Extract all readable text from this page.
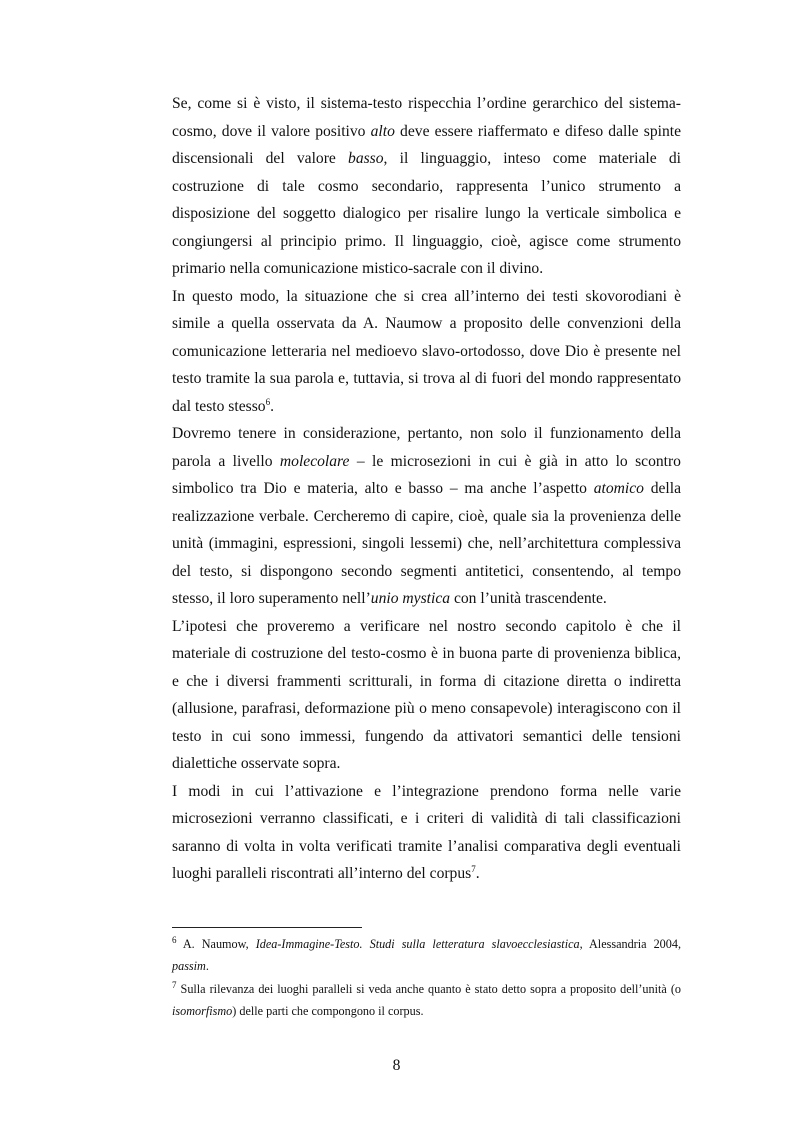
Se, come si è visto, il sistema-testo rispecchia l’ordine gerarchico del sistema-cosmo, dove il valore positivo alto deve essere riaffermato e difeso dalle spinte discensionali del valore basso, il linguaggio, inteso come materiale di costruzione di tale cosmo secondario, rappresenta l’unico strumento a disposizione del soggetto dialogico per risalire lungo la verticale simbolica e congiungersi al principio primo. Il linguaggio, cioè, agisce come strumento primario nella comunicazione mistico-sacrale con il divino.

In questo modo, la situazione che si crea all’interno dei testi skovorodiani è simile a quella osservata da A. Naumow a proposito delle convenzioni della comunicazione letteraria nel medioevo slavo-ortodosso, dove Dio è presente nel testo tramite la sua parola e, tuttavia, si trova al di fuori del mondo rappresentato dal testo stesso$^6$.

Dovremo tenere in considerazione, pertanto, non solo il funzionamento della parola a livello molecolare – le microsezioni in cui è già in atto lo scontro simbolico tra Dio e materia, alto e basso – ma anche l’aspetto atomico della realizzazione verbale. Cercheremo di capire, cioè, quale sia la provenienza delle unità (immagini, espressioni, singoli lessemi) che, nell’architettura complessiva del testo, si dispongono secondo segmenti antitetici, consentendo, al tempo stesso, il loro superamento nell’unio mystica con l’unità trascendente.

L’ipotesi che proveremo a verificare nel nostro secondo capitolo è che il materiale di costruzione del testo-cosmo è in buona parte di provenienza biblica, e che i diversi frammenti scritturali, in forma di citazione diretta o indiretta (allusione, parafrasi, deformazione più o meno consapevole) interagiscono con il testo in cui sono immessi, fungendo da attivatori semantici delle tensioni dialettiche osservate sopra.

I modi in cui l’attivazione e l’integrazione prendono forma nelle varie microsezioni verranno classificati, e i criteri di validità di tali classificazioni saranno di volta in volta verificati tramite l’analisi comparativa degli eventuali luoghi paralleli riscontrati all’interno del corpus$^7$.

$^6$ A. Naumow, Idea-Immagine-Testo. Studi sulla letteratura slavoecclesiastica, Alessandria 2004, passim.

$^7$ Sulla rilevanza dei luoghi paralleli si veda anche quanto è stato detto sopra a proposito dell’unità (o isomorfismo) delle parti che compongono il corpus.

8
